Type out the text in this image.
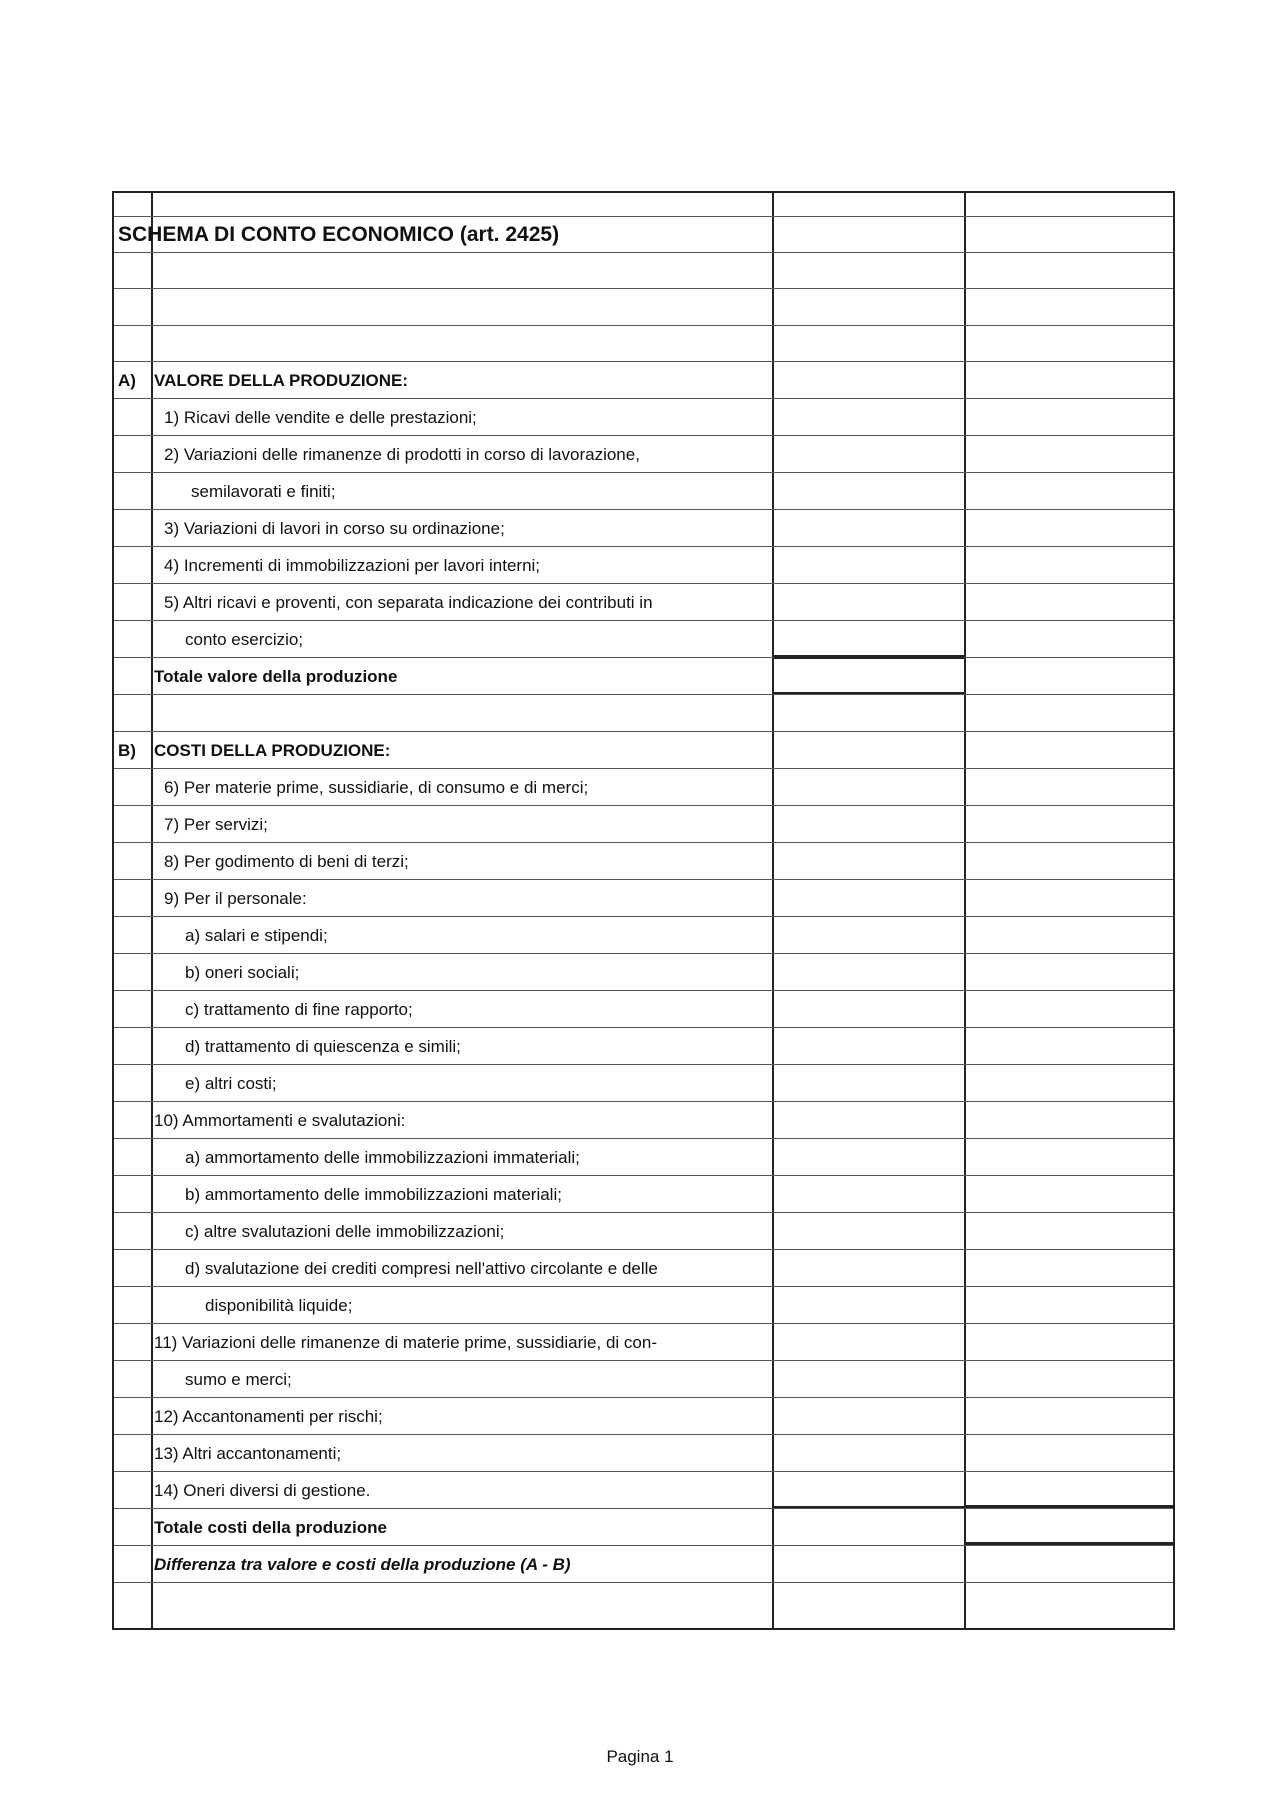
SCHEMA DI CONTO ECONOMICO (art. 2425)
A) VALORE DELLA PRODUZIONE:
1) Ricavi delle vendite e delle prestazioni;
2) Variazioni delle rimanenze di prodotti in corso di lavorazione,
semilavorati e finiti;
3) Variazioni di lavori in corso su ordinazione;
4) Incrementi di immobilizzazioni per lavori interni;
5) Altri ricavi e proventi, con separata indicazione dei contributi in
conto esercizio;
Totale valore della produzione
B) COSTI DELLA PRODUZIONE:
6) Per materie prime, sussidiarie, di consumo e di merci;
7) Per servizi;
8) Per godimento di beni di terzi;
9) Per il personale:
a) salari e stipendi;
b) oneri sociali;
c) trattamento di fine rapporto;
d) trattamento di quiescenza e simili;
e) altri costi;
10) Ammortamenti e svalutazioni:
a) ammortamento delle immobilizzazioni immateriali;
b) ammortamento delle immobilizzazioni materiali;
c) altre svalutazioni delle immobilizzazioni;
d) svalutazione dei crediti compresi nell'attivo circolante e delle
disponibilità liquide;
11) Variazioni delle rimanenze di materie prime, sussidiarie, di con-
sumo e merci;
12) Accantonamenti per rischi;
13) Altri accantonamenti;
14) Oneri diversi di gestione.
Totale costi della produzione
Differenza tra valore e costi della produzione (A - B)
Pagina 1
